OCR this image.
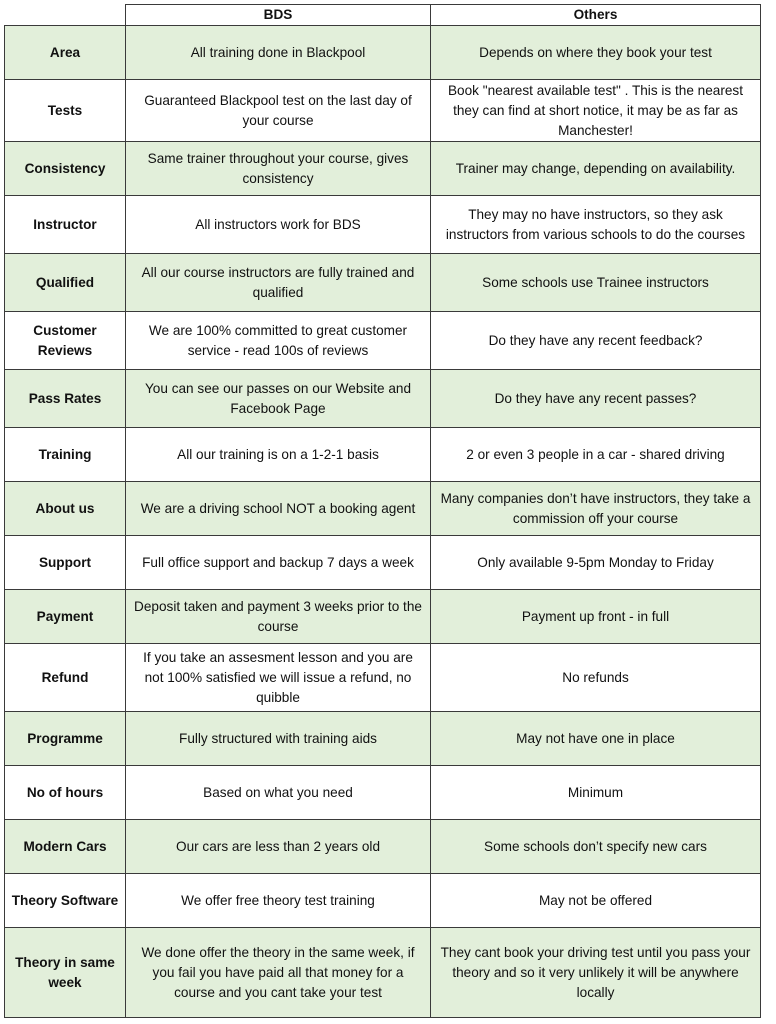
	BDS	Others
Area	All training done in Blackpool	Depends on where they book your test
Tests	Guaranteed Blackpool test on the last day of your course	Book "nearest available test" . This is the nearest they can find at short notice, it may be as far as Manchester!
Consistency	Same trainer throughout your course, gives consistency	Trainer may change, depending on availability.
Instructor	All instructors work for BDS	They may no have instructors, so they ask instructors from various schools to do the courses
Qualified	All our course instructors are fully trained and qualified	Some schools use Trainee instructors
Customer Reviews	We are 100% committed to great customer service - read 100s of reviews	Do they have any recent feedback?
Pass Rates	You can see our passes on our Website and Facebook Page	Do they have any recent passes?
Training	All our training is on a 1-2-1 basis	2 or even 3 people in a car - shared driving
About us	We are a driving school NOT a booking agent	Many companies don’t have instructors, they take a commission off your course
Support	Full office support and backup 7 days a week	Only available 9-5pm Monday to Friday
Payment	Deposit taken and payment 3 weeks prior to the course	Payment up front - in full
Refund	If you take an assesment lesson and you are not 100% satisfied we will issue a refund, no quibble	No refunds
Programme	Fully structured with training aids	May not have one in place
No of hours	Based on what you need	Minimum
Modern Cars	Our cars are less than 2 years old	Some schools don’t specify new cars
Theory Software	We offer free theory test training	May not be offered
Theory in same week	We done offer the theory in the same week, if you fail you have paid all that money for a course and you cant take your test	They cant book your driving test until you pass your theory and so it very unlikely it will be anywhere locally
